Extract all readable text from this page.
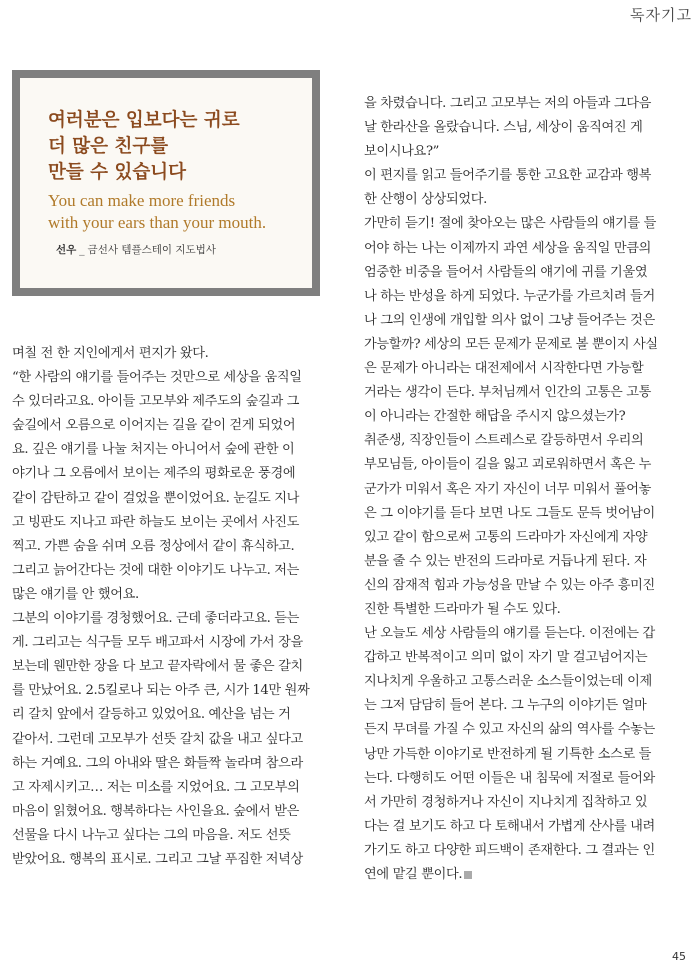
독자기고
여러분은 입보다는 귀로
더 많은 친구를
만들 수 있습니다
You can make more friends
with your ears than your mouth.
선우 _ 금선사 템플스테이 지도법사
며칠 전 한 지인에게서 편지가 왔다.
“한 사람의 얘기를 들어주는 것만으로 세상을 움직일
수 있더라고요. 아이들 고모부와 제주도의 숲길과 그
숲길에서 오름으로 이어지는 길을 같이 걷게 되었어
요. 깊은 얘기를 나눌 처지는 아니어서 숲에 관한 이
야기나 그 오름에서 보이는 제주의 평화로운 풍경에
같이 감탄하고 같이 걸었을 뿐이었어요. 눈길도 지나
고 빙판도 지나고 파란 하늘도 보이는 곳에서 사진도
찍고. 가쁜 숨을 쉬며 오름 정상에서 같이 휴식하고.
그리고 늙어간다는 것에 대한 이야기도 나누고. 저는
많은 얘기를 안 했어요.
그분의 이야기를 경청했어요. 근데 좋더라고요. 듣는
게. 그리고는 식구들 모두 배고파서 시장에 가서 장을
보는데 웬만한 장을 다 보고 끝자락에서 물 좋은 갈치
를 만났어요. 2.5킬로나 되는 아주 큰, 시가 14만 원짜
리 갈치 앞에서 갈등하고 있었어요. 예산을 넘는 거
같아서. 그런데 고모부가 선뜻 갈치 값을 내고 싶다고
하는 거예요. 그의 아내와 딸은 화들짝 놀라며 참으라
고 자제시키고… 저는 미소를 지었어요. 그 고모부의
마음이 읽혔어요. 행복하다는 사인을요. 숲에서 받은
선물을 다시 나누고 싶다는 그의 마음을. 저도 선뜻
받았어요. 행복의 표시로. 그리고 그날 푸짐한 저녁상
을 차렸습니다. 그리고 고모부는 저의 아들과 그다음
날 한라산을 올랐습니다. 스님, 세상이 움직여진 게
보이시나요?”
이 편지를 읽고 들어주기를 통한 고요한 교감과 행복
한 산행이 상상되었다.
가만히 듣기! 절에 찾아오는 많은 사람들의 얘기를 들
어야 하는 나는 이제까지 과연 세상을 움직일 만큼의
엄중한 비중을 들어서 사람들의 얘기에 귀를 기울였
나 하는 반성을 하게 되었다. 누군가를 가르치려 들거
나 그의 인생에 개입할 의사 없이 그냥 들어주는 것은
가능할까? 세상의 모든 문제가 문제로 볼 뿐이지 사실
은 문제가 아니라는 대전제에서 시작한다면 가능할
거라는 생각이 든다. 부처님께서 인간의 고통은 고통
이 아니라는 간절한 해답을 주시지 않으셨는가?
취준생, 직장인들이 스트레스로 갈등하면서 우리의
부모님들, 아이들이 길을 잃고 괴로워하면서 혹은 누
군가가 미워서 혹은 자기 자신이 너무 미워서 풀어놓
은 그 이야기를 듣다 보면 나도 그들도 문득 벗어남이
있고 같이 함으로써 고통의 드라마가 자신에게 자양
분을 줄 수 있는 반전의 드라마로 거듭나게 된다. 자
신의 잠재적 힘과 가능성을 만날 수 있는 아주 흥미진
진한 특별한 드라마가 될 수도 있다.
난 오늘도 세상 사람들의 얘기를 듣는다. 이전에는 갑
갑하고 반복적이고 의미 없이 자기 말 걸고넘어지는
지나치게 우울하고 고통스러운 소스들이었는데 이제
는 그저 담담히 들어 본다. 그 누구의 이야기든 얼마
든지 무뎌를 가질 수 있고 자신의 삶의 역사를 수놓는
낭만 가득한 이야기로 반전하게 될 기특한 소스로 들
는다. 다행히도 어떤 이들은 내 침묵에 저절로 들어와
서 가만히 경청하거나 자신이 지나치게 집착하고 있
다는 걸 보기도 하고 다 토해내서 가볍게 산사를 내려
가기도 하고 다양한 피드백이 존재한다. 그 결과는 인
연에 맡길 뿐이다.
45
